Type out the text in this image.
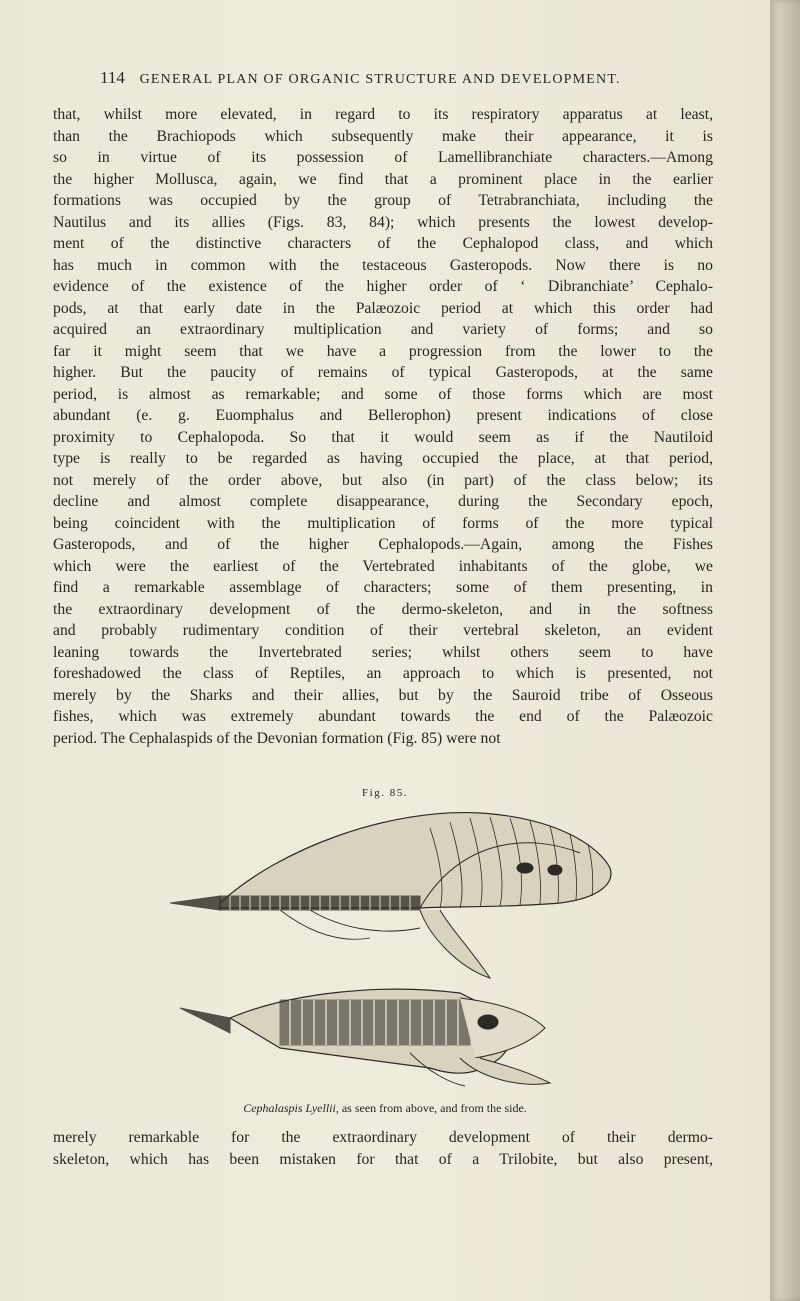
114 GENERAL PLAN OF ORGANIC STRUCTURE AND DEVELOPMENT.
that, whilst more elevated, in regard to its respiratory apparatus at least,
than the Brachiopods which subsequently make their appearance, it is
so in virtue of its possession of Lamellibranchiate characters.—Among
the higher Mollusca, again, we find that a prominent place in the earlier
formations was occupied by the group of Tetrabranchiata, including the
Nautilus and its allies (Figs. 83, 84); which presents the lowest develop-
ment of the distinctive characters of the Cephalopod class, and which
has much in common with the testaceous Gasteropods. Now there is no
evidence of the existence of the higher order of ‘ Dibranchiate’ Cephalo-
pods, at that early date in the Palæozoic period at which this order had
acquired an extraordinary multiplication and variety of forms; and so
far it might seem that we have a progression from the lower to the
higher. But the paucity of remains of typical Gasteropods, at the same
period, is almost as remarkable; and some of those forms which are most
abundant (e. g. Euomphalus and Bellerophon) present indications of close
proximity to Cephalopoda. So that it would seem as if the Nautiloid
type is really to be regarded as having occupied the place, at that period,
not merely of the order above, but also (in part) of the class below; its
decline and almost complete disappearance, during the Secondary epoch,
being coincident with the multiplication of forms of the more typical
Gasteropods, and of the higher Cephalopods.—Again, among the Fishes
which were the earliest of the Vertebrated inhabitants of the globe, we
find a remarkable assemblage of characters; some of them presenting, in
the extraordinary development of the dermo-skeleton, and in the softness
and probably rudimentary condition of their vertebral skeleton, an evident
leaning towards the Invertebrated series; whilst others seem to have
foreshadowed the class of Reptiles, an approach to which is presented, not
merely by the Sharks and their allies, but by the Sauroid tribe of Osseous
fishes, which was extremely abundant towards the end of the Palæozoic
period. The Cephalaspids of the Devonian formation (Fig. 85) were not
Fig. 85.
Cephalaspis Lyellii, as seen from above, and from the side.
merely remarkable for the extraordinary development of their dermo-
skeleton, which has been mistaken for that of a Trilobite, but also present,
